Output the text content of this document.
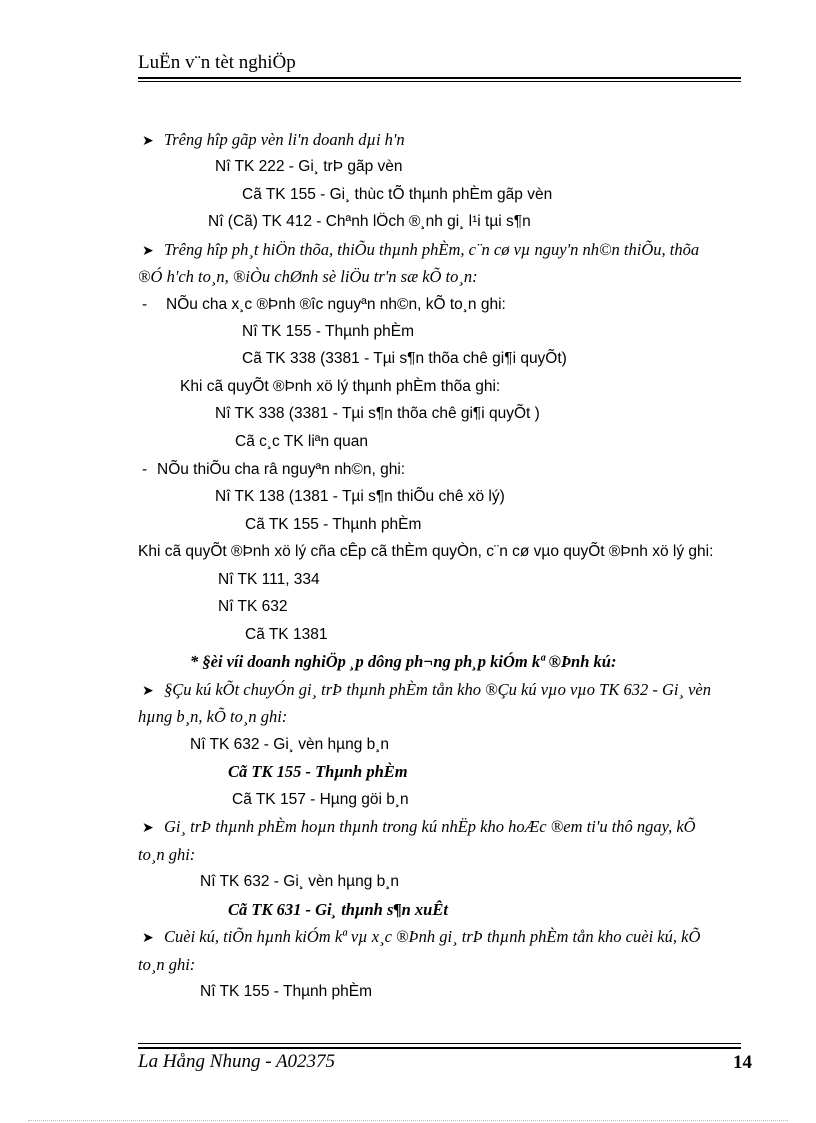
LuËn v¨n tèt nghiÖp
➤ Trêng hîp gãp vèn li'n doanh dµi h'n
Nî TK 222 - Gi¸ trÞ gãp vèn
Cã TK 155 - Gi¸ thùc tÕ thµnh phÈm gãp vèn
Nî (Cã) TK 412 - Chªnh lÖch ®¸nh gi¸ l¹i tµi s¶n
➤ Trêng hîp ph¸t hiÖn thõa, thiÕu thµnh phÈm, c¨n cø vµ nguy'n nh©n thiÕu, thõa
®Ó h'ch to¸n, ®iÒu chØnh sè liÖu tr'n sæ kÕ to¸n:
- NÕu cha x¸c ®Þnh ®îc nguyªn nh©n, kÕ to¸n ghi:
Nî TK 155 - Thµnh phÈm
Cã TK 338 (3381 - Tµi s¶n thõa chê gi¶i quyÕt)
Khi cã quyÕt ®Þnh xö lý thµnh phÈm thõa ghi:
Nî TK 338 (3381 - Tµi s¶n thõa chê gi¶i quyÕt )
Cã c¸c TK liªn quan
- NÕu thiÕu cha râ nguyªn nh©n, ghi:
Nî TK 138 (1381 - Tµi s¶n thiÕu chê xö lý)
Cã TK 155 - Thµnh phÈm
Khi cã quyÕt ®Þnh xö lý cña cÊp cã thÈm quyÒn, c¨n cø vµo quyÕt ®Þnh xö lý ghi:
Nî TK 111, 334
Nî TK 632
Cã TK 1381
* §èi víi doanh nghiÖp ¸p dông ph¬ng ph¸p kiÓm kª ®Þnh kú:
➤ §Çu kú kÕt chuyÓn gi¸ trÞ thµnh phÈm tån kho ®Çu kú vµo vµo TK 632 - Gi¸ vèn
hµng b¸n, kÕ to¸n ghi:
Nî TK 632 - Gi¸ vèn hµng b¸n
Cã TK 155 - Thµnh phÈm
Cã TK 157 - Hµng göi b¸n
➤ Gi¸ trÞ thµnh phÈm hoµn thµnh trong kú nhËp kho hoÆc ®em ti'u thô ngay, kÕ
to¸n ghi:
Nî TK 632 - Gi¸ vèn hµng b¸n
Cã TK 631 - Gi¸ thµnh s¶n xuÊt
➤ Cuèi kú, tiÕn hµnh kiÓm kª vµ x¸c ®Þnh gi¸ trÞ thµnh phÈm tån kho cuèi kú, kÕ
to¸n ghi:
Nî TK 155 - Thµnh phÈm
La Hång Nhung - A02375	14
